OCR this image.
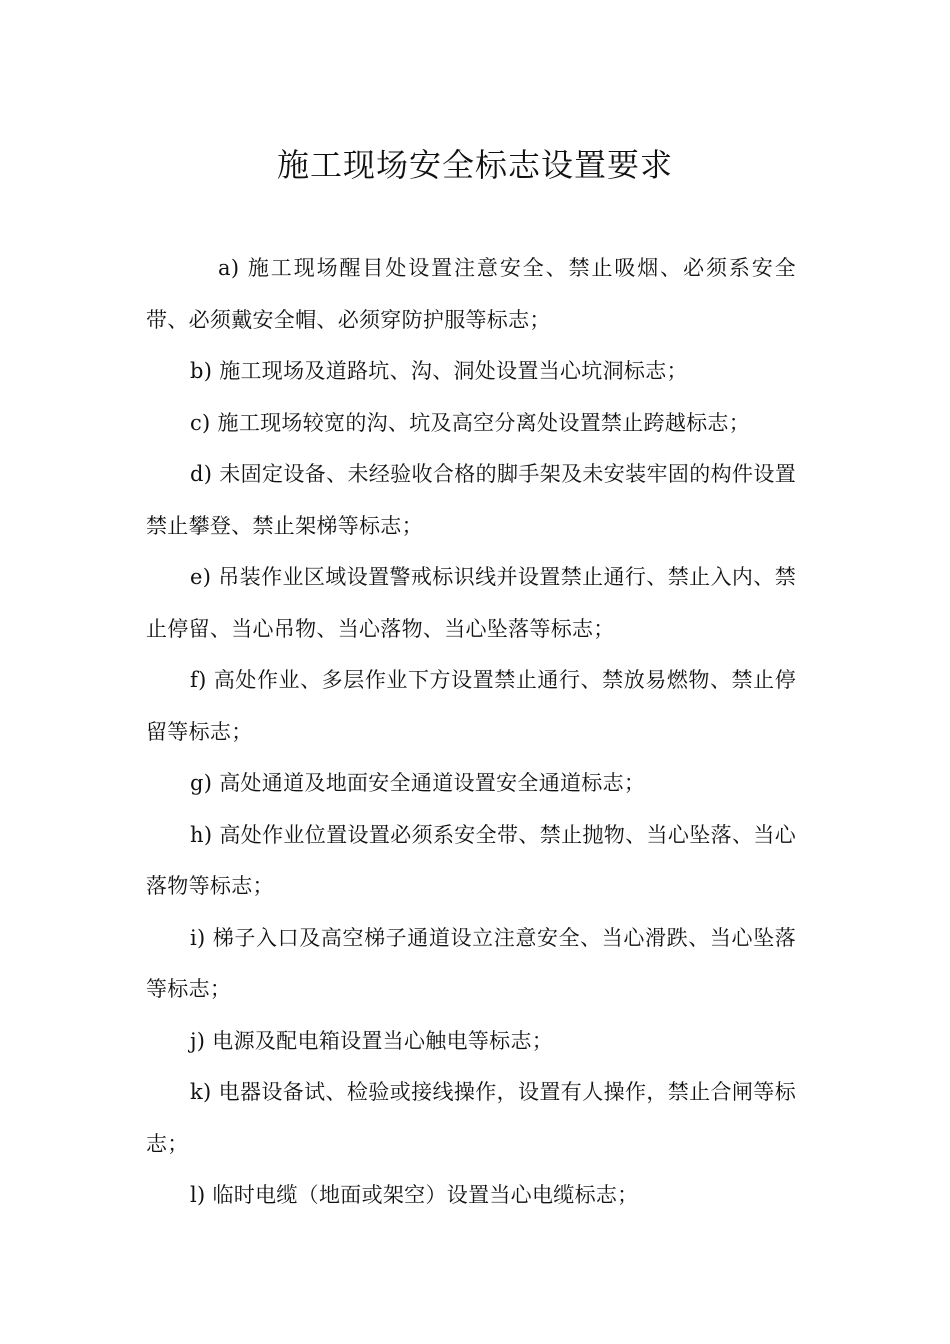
施工现场安全标志设置要求

a) 施工现场醒目处设置注意安全、禁止吸烟、必须系安全带、必须戴安全帽、必须穿防护服等标志；

b) 施工现场及道路坑、沟、洞处设置当心坑洞标志；

c) 施工现场较宽的沟、坑及高空分离处设置禁止跨越标志；

d) 未固定设备、未经验收合格的脚手架及未安装牢固的构件设置禁止攀登、禁止架梯等标志；

e) 吊装作业区域设置警戒标识线并设置禁止通行、禁止入内、禁止停留、当心吊物、当心落物、当心坠落等标志；

f) 高处作业、多层作业下方设置禁止通行、禁放易燃物、禁止停留等标志；

g) 高处通道及地面安全通道设置安全通道标志；

h) 高处作业位置设置必须系安全带、禁止抛物、当心坠落、当心落物等标志；

i) 梯子入口及高空梯子通道设立注意安全、当心滑跌、当心坠落等标志；

j) 电源及配电箱设置当心触电等标志；

k) 电器设备试、检验或接线操作，设置有人操作，禁止合闸等标志；

l) 临时电缆（地面或架空）设置当心电缆标志；
